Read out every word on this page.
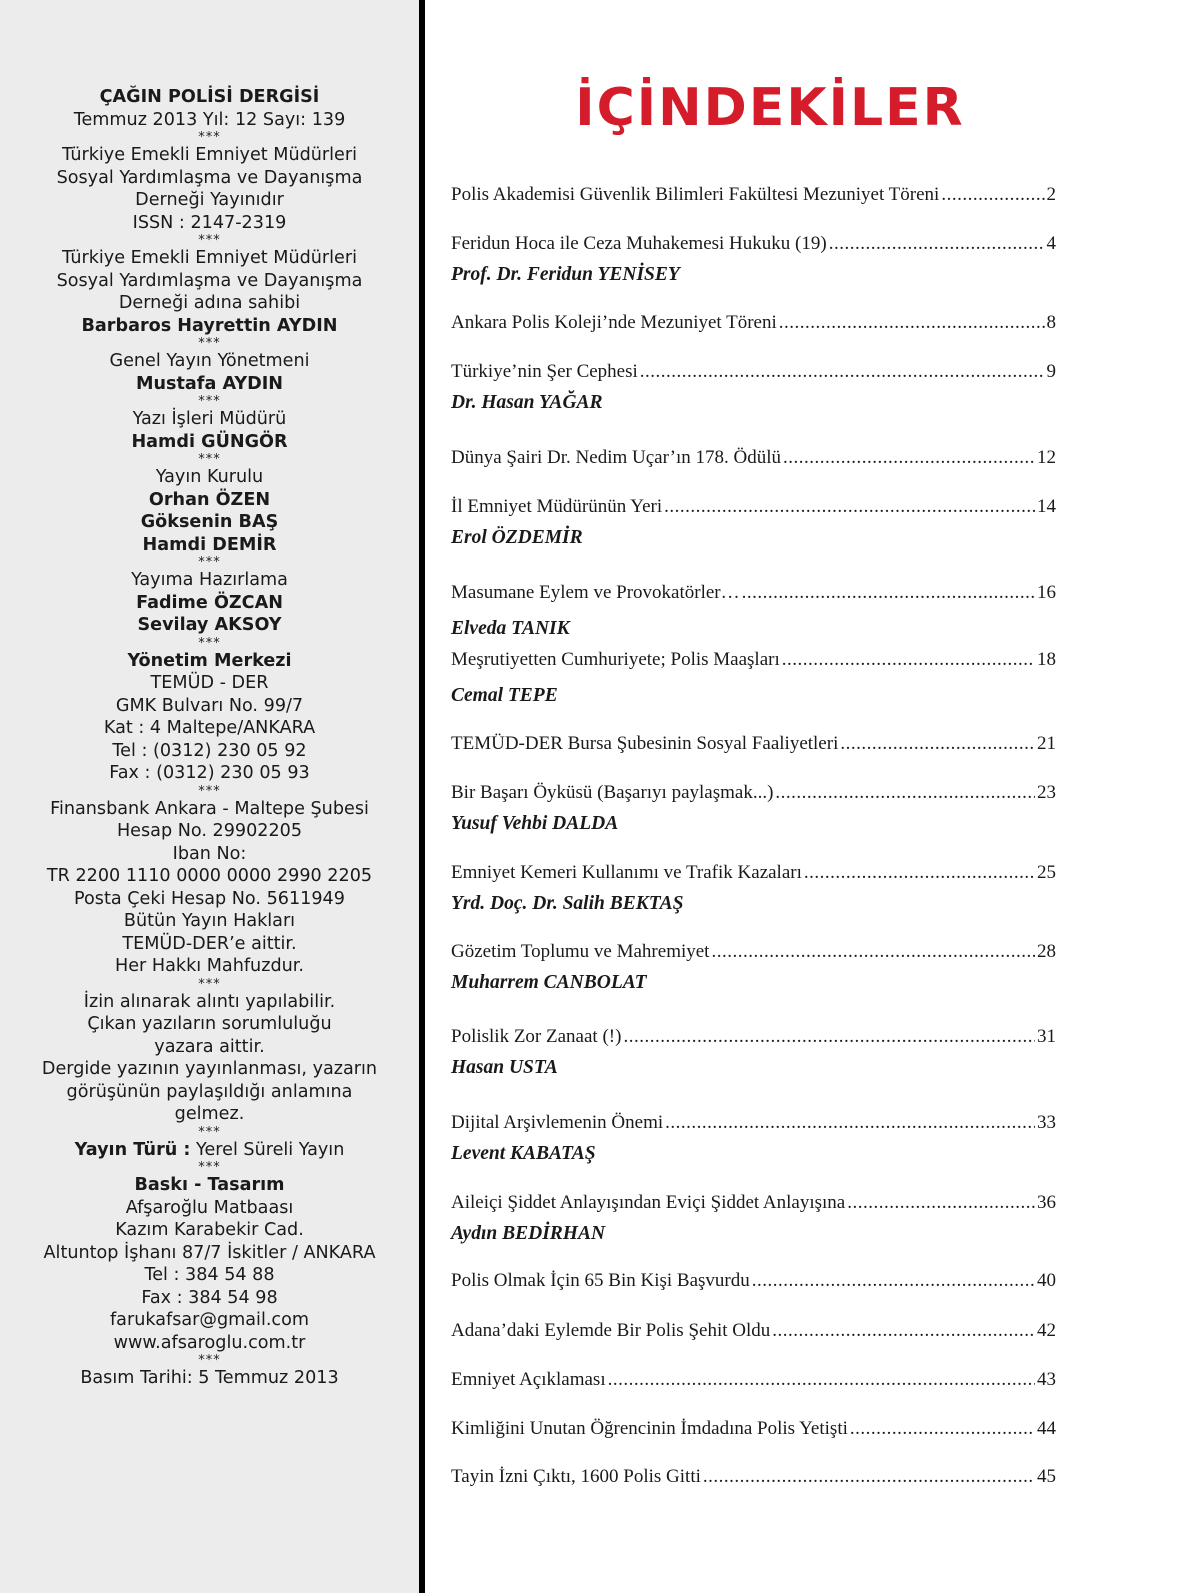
ÇAĞIN POLİSİ DERGİSİ
Temmuz 2013 Yıl: 12 Sayı: 139
***
Türkiye Emekli Emniyet Müdürleri
Sosyal Yardımlaşma ve Dayanışma
Derneği Yayınıdır
ISSN : 2147-2319
***
Türkiye Emekli Emniyet Müdürleri
Sosyal Yardımlaşma ve Dayanışma
Derneği adına sahibi
Barbaros Hayrettin AYDIN
***
Genel Yayın Yönetmeni
Mustafa AYDIN
***
Yazı İşleri Müdürü
Hamdi GÜNGÖR
***
Yayın Kurulu
Orhan ÖZEN
Göksenin BAŞ
Hamdi DEMİR
***
Yayıma Hazırlama
Fadime ÖZCAN
Sevilay AKSOY
***
Yönetim Merkezi
TEMÜD - DER
GMK Bulvarı No. 99/7
Kat : 4 Maltepe/ANKARA
Tel : (0312) 230 05 92
Fax : (0312) 230 05 93
***
Finansbank Ankara - Maltepe Şubesi
Hesap No. 29902205
Iban No:
TR 2200 1110 0000 0000 2990 2205
Posta Çeki Hesap No. 5611949
Bütün Yayın Hakları
TEMÜD-DER’e aittir.
Her Hakkı Mahfuzdur.
***
İzin alınarak alıntı yapılabilir.
Çıkan yazıların sorumluluğu
yazara aittir.
Dergide yazının yayınlanması, yazarın
görüşünün paylaşıldığı anlamına
gelmez.
***
Yayın Türü : Yerel Süreli Yayın
***
Baskı - Tasarım
Afşaroğlu Matbaası
Kazım Karabekir Cad.
Altuntop İşhanı 87/7 İskitler / ANKARA
Tel : 384 54 88
Fax : 384 54 98
farukafsar@gmail.com
www.afsaroglu.com.tr
***
Basım Tarihi: 5 Temmuz 2013
İÇİNDEKİLER
Polis Akademisi Güvenlik Bilimleri Fakültesi Mezuniyet Töreni .....	2
Feridun Hoca ile Ceza Muhakemesi Hukuku (19) .....	4
Prof. Dr. Feridun YENİSEY
Ankara Polis Koleji’nde Mezuniyet Töreni .....	8
Türkiye’nin Şer Cephesi .....	9
Dr. Hasan YAĞAR
Dünya Şairi Dr. Nedim Uçar’ın 178. Ödülü .....	12
İl Emniyet Müdürünün Yeri .....	14
Erol ÖZDEMİR
Masumane Eylem ve Provokatörler… .....	16
Elveda TANIK
Meşrutiyetten Cumhuriyete; Polis Maaşları .....	18
Cemal TEPE
TEMÜD-DER Bursa Şubesinin Sosyal Faaliyetleri .....	21
Bir Başarı Öyküsü (Başarıyı paylaşmak...) .....	23
Yusuf Vehbi DALDA
Emniyet Kemeri Kullanımı ve Trafik Kazaları .....	25
Yrd. Doç. Dr. Salih BEKTAŞ
Gözetim Toplumu ve Mahremiyet .....	28
Muharrem CANBOLAT
Polislik Zor Zanaat (!) .....	31
Hasan USTA
Dijital Arşivlemenin Önemi .....	33
Levent KABATAŞ
Aileiçi Şiddet Anlayışından Eviçi Şiddet Anlayışına .....	36
Aydın BEDİRHAN
Polis Olmak İçin 65 Bin Kişi Başvurdu .....	40
Adana’daki Eylemde Bir Polis Şehit Oldu .....	42
Emniyet Açıklaması .....	43
Kimliğini Unutan Öğrencinin İmdadına Polis Yetişti .....	44
Tayin İzni Çıktı, 1600 Polis Gitti .....	45
